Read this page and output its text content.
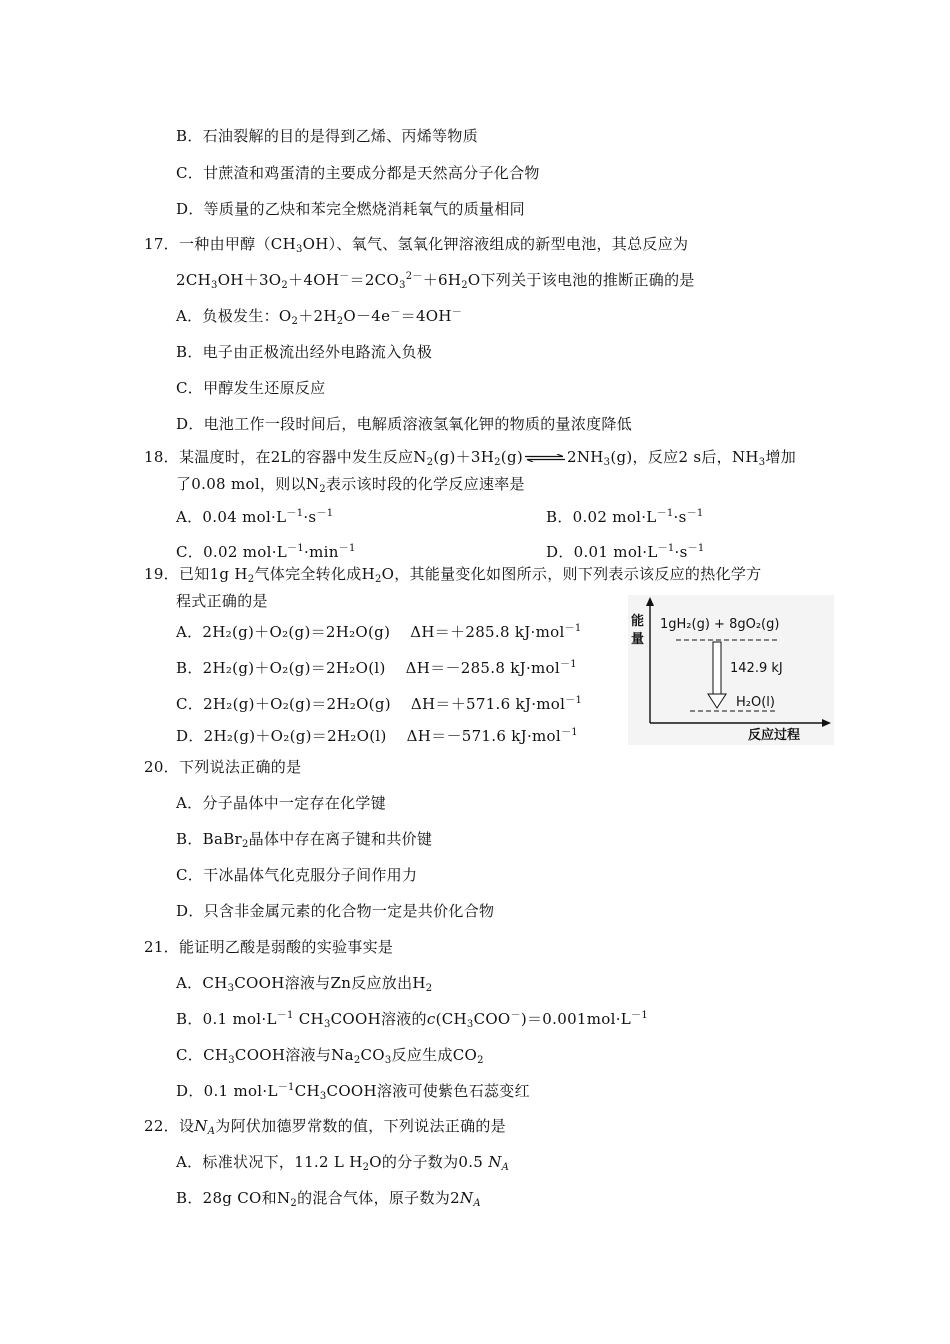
B．石油裂解的目的是得到乙烯、丙烯等物质
C．甘蔗渣和鸡蛋清的主要成分都是天然高分子化合物
D．等质量的乙炔和苯完全燃烧消耗氧气的质量相同
17．一种由甲醇$(CH_3OH)$、氧气、氢氧化钾溶液组成的新型电池，其总反应为
$2CH_3OH+3O_2+4OH^-=2CO_3^{2-}+6H_2O$下列关于该电池的推断正确的是
A．负极发生：$O_2+2H_2O-4e^-=4OH^-$
B．电子由正极流出经外电路流入负极
C．甲醇发生还原反应
D．电池工作一段时间后，电解质溶液氢氧化钾的物质的量浓度降低
18．某温度时，在2L的容器中发生反应$N_2(g)+3H_2(g)$ ⇌ $2NH_3(g)$，反应2 s后，$NH_3$增加
了0.08 mol，则以$N_2$表示该时段的化学反应速率是
A．0.04 $mol\cdot L^{-1}\cdot s^{-1}$	B．0.02 $mol\cdot L^{-1}\cdot s^{-1}$
C．0.02 $mol\cdot L^{-1}\cdot\min^{-1}$	D．0.01 $mol\cdot L^{-1}\cdot s^{-1}$
19．已知1g $H_2$气体完全转化成$H_2O$，其能量变化如图所示，则下列表示该反应的热化学方
程式正确的是
A．2H₂(g)＋O₂(g)＝2H₂O(g) ΔH＝＋285.8 kJ·mol$^{-1}$
B．2H₂(g)＋O₂(g)＝2H₂O(l) ΔH＝－285.8 kJ·mol$^{-1}$
C．2H₂(g)＋O₂(g)＝2H₂O(g) ΔH＝＋571.6 kJ·mol$^{-1}$
D．2H₂(g)＋O₂(g)＝2H₂O(l) ΔH＝－571.6 kJ·mol$^{-1}$
能
量
1gH₂(g) + 8gO₂(g)
142.9 kJ
H₂O(l)
反应过程
20．下列说法正确的是
A．分子晶体中一定存在化学键
B．BaBr$_2$晶体中存在离子键和共价键
C．干冰晶体气化克服分子间作用力
D．只含非金属元素的化合物一定是共价化合物
21．能证明乙酸是弱酸的实验事实是
A．$CH_3COOH$溶液与Zn反应放出$H_2$
B．0.1 $mol\cdot L^{-1}$ $CH_3COOH$溶液的$c(CH_3COO^-)=0.001mol\cdot L^{-1}$
C．$CH_3COOH$溶液与$Na_2CO_3$反应生成$CO_2$
D．0.1 $mol\cdot L^{-1}CH_3COOH$溶液可使紫色石蕊变红
22．设$N_A$为阿伏加德罗常数的值，下列说法正确的是
A．标准状况下，11.2 L $H_2O$的分子数为0.5 $N_A$
B．28g CO和$N_2$的混合气体，原子数为$2N_A$
